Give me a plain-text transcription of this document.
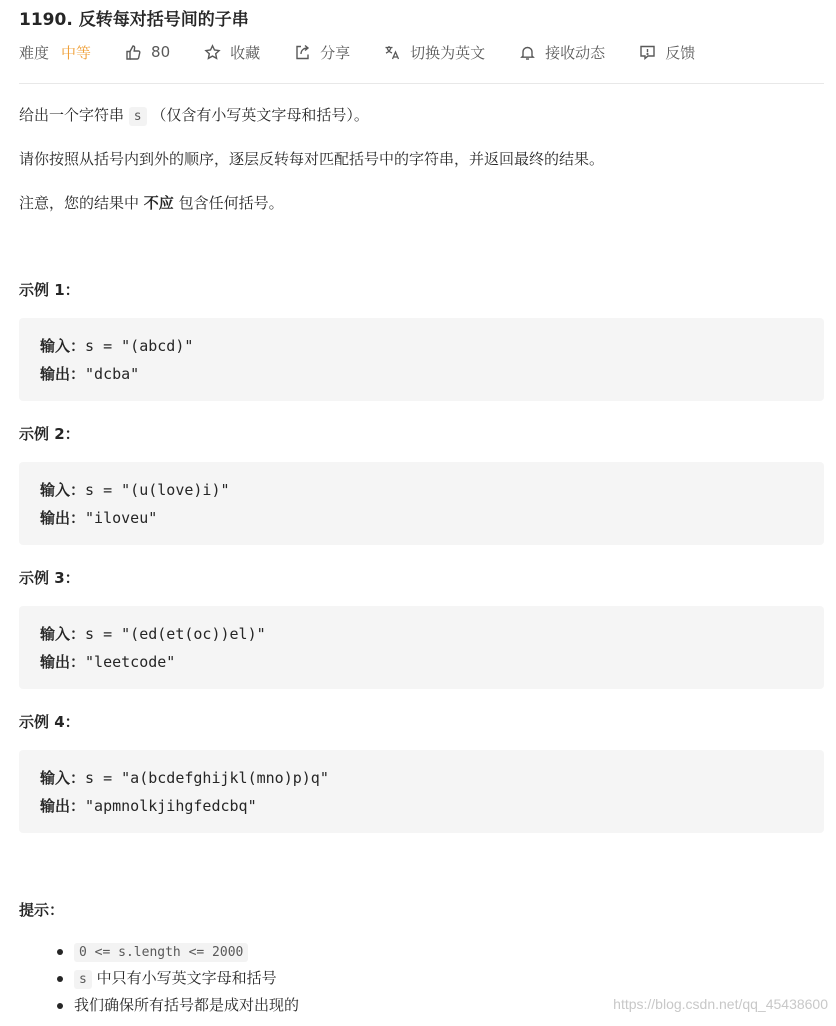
1190. 反转每对括号间的子串
难度 中等	80	收藏	分享	切换为英文	接收动态	反馈
给出一个字符串 s （仅含有小写英文字母和括号）。
请你按照从括号内到外的顺序，逐层反转每对匹配括号中的字符串，并返回最终的结果。
注意，您的结果中 不应 包含任何括号。
示例 1：
输入：s = "(abcd)"
输出："dcba"
示例 2：
输入：s = "(u(love)i)"
输出："iloveu"
示例 3：
输入：s = "(ed(et(oc))el)"
输出："leetcode"
示例 4：
输入：s = "a(bcdefghijkl(mno)p)q"
输出："apmnolkjihgfedcbq"
提示：
0 <= s.length <= 2000
s 中只有小写英文字母和括号
我们确保所有括号都是成对出现的	https://blog.csdn.net/qq_45438600
